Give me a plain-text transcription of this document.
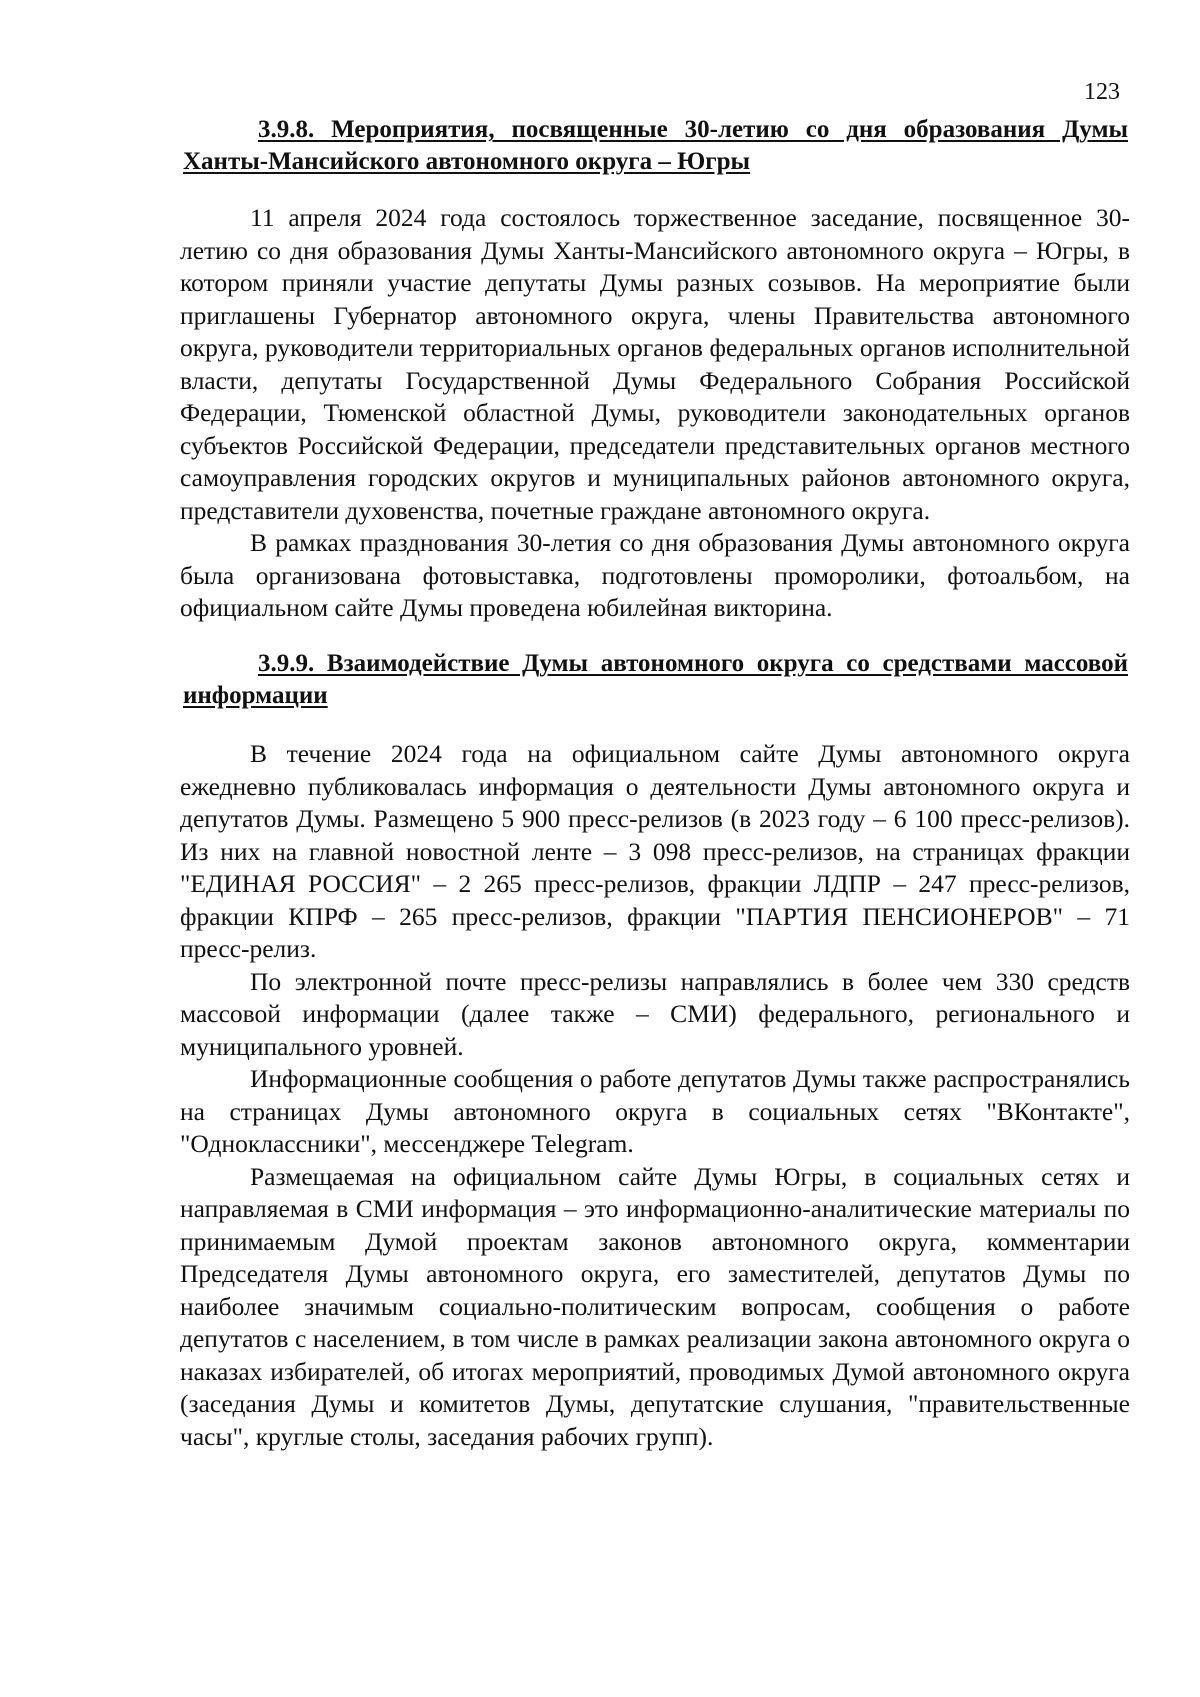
123
3.9.8. Мероприятия, посвященные 30-летию со дня образования Думы Ханты-Мансийского автономного округа – Югры

11 апреля 2024 года состоялось торжественное заседание, посвященное 30-летию со дня образования Думы Ханты-Мансийского автономного округа – Югры, в котором приняли участие депутаты Думы разных созывов. На мероприятие были приглашены Губернатор автономного округа, члены Правительства автономного округа, руководители территориальных органов федеральных органов исполнительной власти, депутаты Государственной Думы Федерального Собрания Российской Федерации, Тюменской областной Думы, руководители законодательных органов субъектов Российской Федерации, председатели представительных органов местного самоуправления городских округов и муниципальных районов автономного округа, представители духовенства, почетные граждане автономного округа.

В рамках празднования 30-летия со дня образования Думы автономного округа была организована фотовыставка, подготовлены проморолики, фотоальбом, на официальном сайте Думы проведена юбилейная викторина.

3.9.9. Взаимодействие Думы автономного округа со средствами массовой информации

В течение 2024 года на официальном сайте Думы автономного округа ежедневно публиковалась информация о деятельности Думы автономного округа и депутатов Думы. Размещено 5 900 пресс-релизов (в 2023 году – 6 100 пресс-релизов). Из них на главной новостной ленте – 3 098 пресс-релизов, на страницах фракции "ЕДИНАЯ РОССИЯ" – 2 265 пресс-релизов, фракции ЛДПР – 247 пресс-релизов, фракции КПРФ – 265 пресс-релизов, фракции "ПАРТИЯ ПЕНСИОНЕРОВ" – 71 пресс-релиз.

По электронной почте пресс-релизы направлялись в более чем 330 средств массовой информации (далее также – СМИ) федерального, регионального и муниципального уровней.

Информационные сообщения о работе депутатов Думы также распространялись на страницах Думы автономного округа в социальных сетях "ВКонтакте", "Одноклассники", мессенджере Telegram.

Размещаемая на официальном сайте Думы Югры, в социальных сетях и направляемая в СМИ информация – это информационно-аналитические материалы по принимаемым Думой проектам законов автономного округа, комментарии Председателя Думы автономного округа, его заместителей, депутатов Думы по наиболее значимым социально-политическим вопросам, сообщения о работе депутатов с населением, в том числе в рамках реализации закона автономного округа о наказах избирателей, об итогах мероприятий, проводимых Думой автономного округа (заседания Думы и комитетов Думы, депутатские слушания, "правительственные часы", круглые столы, заседания рабочих групп).
